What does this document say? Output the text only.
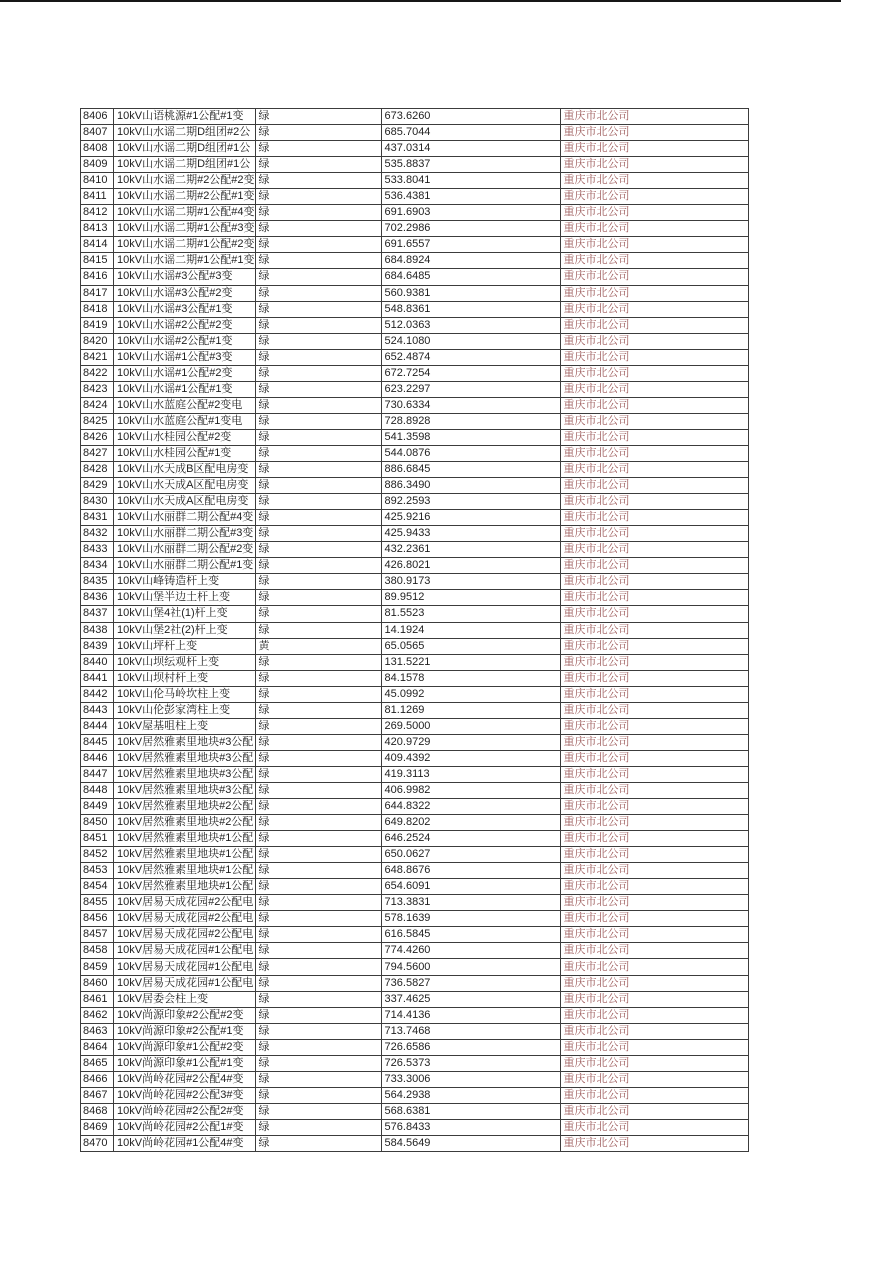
8406	10kV山语桃源#1公配#1变	绿	673.6260	重庆市北公司
8407	10kV山水谣二期D组团#2公	绿	685.7044	重庆市北公司
8408	10kV山水谣二期D组团#1公	绿	437.0314	重庆市北公司
8409	10kV山水谣二期D组团#1公	绿	535.8837	重庆市北公司
8410	10kV山水谣二期#2公配#2变	绿	533.8041	重庆市北公司
8411	10kV山水谣二期#2公配#1变	绿	536.4381	重庆市北公司
8412	10kV山水谣二期#1公配#4变	绿	691.6903	重庆市北公司
8413	10kV山水谣二期#1公配#3变	绿	702.2986	重庆市北公司
8414	10kV山水谣二期#1公配#2变	绿	691.6557	重庆市北公司
8415	10kV山水谣二期#1公配#1变	绿	684.8924	重庆市北公司
8416	10kV山水谣#3公配#3变	绿	684.6485	重庆市北公司
8417	10kV山水谣#3公配#2变	绿	560.9381	重庆市北公司
8418	10kV山水谣#3公配#1变	绿	548.8361	重庆市北公司
8419	10kV山水谣#2公配#2变	绿	512.0363	重庆市北公司
8420	10kV山水谣#2公配#1变	绿	524.1080	重庆市北公司
8421	10kV山水谣#1公配#3变	绿	652.4874	重庆市北公司
8422	10kV山水谣#1公配#2变	绿	672.7254	重庆市北公司
8423	10kV山水谣#1公配#1变	绿	623.2297	重庆市北公司
8424	10kV山水蓝庭公配#2变电	绿	730.6334	重庆市北公司
8425	10kV山水蓝庭公配#1变电	绿	728.8928	重庆市北公司
8426	10kV山水桂园公配#2变	绿	541.3598	重庆市北公司
8427	10kV山水桂园公配#1变	绿	544.0876	重庆市北公司
8428	10kV山水天成B区配电房变	绿	886.6845	重庆市北公司
8429	10kV山水天成A区配电房变	绿	886.3490	重庆市北公司
8430	10kV山水天成A区配电房变	绿	892.2593	重庆市北公司
8431	10kV山水丽群二期公配#4变	绿	425.9216	重庆市北公司
8432	10kV山水丽群二期公配#3变	绿	425.9433	重庆市北公司
8433	10kV山水丽群二期公配#2变	绿	432.2361	重庆市北公司
8434	10kV山水丽群二期公配#1变	绿	426.8021	重庆市北公司
8435	10kV山峰铸造杆上变	绿	380.9173	重庆市北公司
8436	10kV山堡半边土杆上变	绿	89.9512	重庆市北公司
8437	10kV山堡4社(1)杆上变	绿	81.5523	重庆市北公司
8438	10kV山堡2社(2)杆上变	绿	14.1924	重庆市北公司
8439	10kV山坪杆上变	黄	65.0565	重庆市北公司
8440	10kV山坝纭观杆上变	绿	131.5221	重庆市北公司
8441	10kV山坝村杆上变	绿	84.1578	重庆市北公司
8442	10kV山伦马岭坎柱上变	绿	45.0992	重庆市北公司
8443	10kV山伦彭家湾柱上变	绿	81.1269	重庆市北公司
8444	10kV屋基咀柱上变	绿	269.5000	重庆市北公司
8445	10kV居然雅素里地块#3公配	绿	420.9729	重庆市北公司
8446	10kV居然雅素里地块#3公配	绿	409.4392	重庆市北公司
8447	10kV居然雅素里地块#3公配	绿	419.3113	重庆市北公司
8448	10kV居然雅素里地块#3公配	绿	406.9982	重庆市北公司
8449	10kV居然雅素里地块#2公配	绿	644.8322	重庆市北公司
8450	10kV居然雅素里地块#2公配	绿	649.8202	重庆市北公司
8451	10kV居然雅素里地块#1公配	绿	646.2524	重庆市北公司
8452	10kV居然雅素里地块#1公配	绿	650.0627	重庆市北公司
8453	10kV居然雅素里地块#1公配	绿	648.8676	重庆市北公司
8454	10kV居然雅素里地块#1公配	绿	654.6091	重庆市北公司
8455	10kV居易天成花园#2公配电	绿	713.3831	重庆市北公司
8456	10kV居易天成花园#2公配电	绿	578.1639	重庆市北公司
8457	10kV居易天成花园#2公配电	绿	616.5845	重庆市北公司
8458	10kV居易天成花园#1公配电	绿	774.4260	重庆市北公司
8459	10kV居易天成花园#1公配电	绿	794.5600	重庆市北公司
8460	10kV居易天成花园#1公配电	绿	736.5827	重庆市北公司
8461	10kV居委会柱上变	绿	337.4625	重庆市北公司
8462	10kV尚源印象#2公配#2变	绿	714.4136	重庆市北公司
8463	10kV尚源印象#2公配#1变	绿	713.7468	重庆市北公司
8464	10kV尚源印象#1公配#2变	绿	726.6586	重庆市北公司
8465	10kV尚源印象#1公配#1变	绿	726.5373	重庆市北公司
8466	10kV尚岭花园#2公配4#变	绿	733.3006	重庆市北公司
8467	10kV尚岭花园#2公配3#变	绿	564.2938	重庆市北公司
8468	10kV尚岭花园#2公配2#变	绿	568.6381	重庆市北公司
8469	10kV尚岭花园#2公配1#变	绿	576.8433	重庆市北公司
8470	10kV尚岭花园#1公配4#变	绿	584.5649	重庆市北公司
